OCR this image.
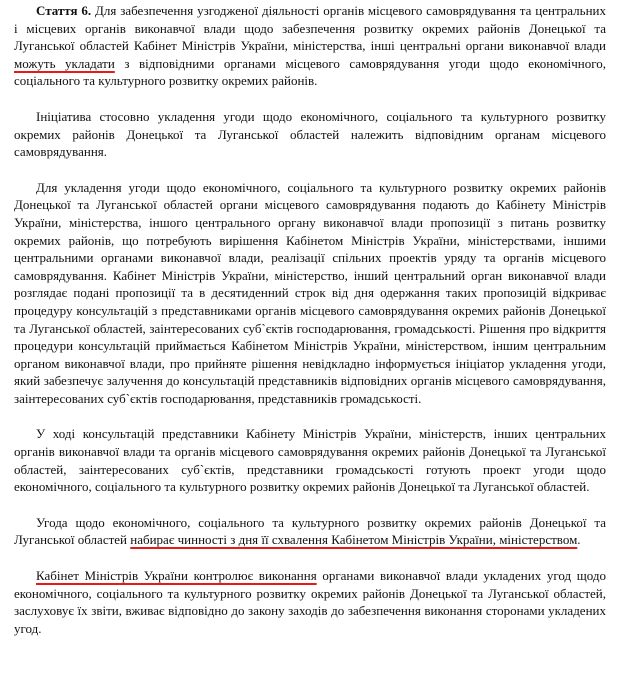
Стаття 6. Для забезпечення узгодженої діяльності органів місцевого самоврядування та центральних і місцевих органів виконавчої влади щодо забезпечення розвитку окремих районів Донецької та Луганської областей Кабінет Міністрів України, міністерства, інші центральні органи виконавчої влади можуть укладати з відповідними органами місцевого самоврядування угоди щодо економічного, соціального та культурного розвитку окремих районів.

Ініціатива стосовно укладення угоди щодо економічного, соціального та культурного розвитку окремих районів Донецької та Луганської областей належить відповідним органам місцевого самоврядування.

Для укладення угоди щодо економічного, соціального та культурного розвитку окремих районів Донецької та Луганської областей органи місцевого самоврядування подають до Кабінету Міністрів України, міністерства, іншого центрального органу виконавчої влади пропозиції з питань розвитку окремих районів, що потребують вирішення Кабінетом Міністрів України, міністерствами, іншими центральними органами виконавчої влади, реалізації спільних проектів уряду та органів місцевого самоврядування. Кабінет Міністрів України, міністерство, інший центральний орган виконавчої влади розглядає подані пропозиції та в десятиденний строк від дня одержання таких пропозицій відкриває процедуру консультацій з представниками органів місцевого самоврядування окремих районів Донецької та Луганської областей, заінтересованих суб`єктів господарювання, громадськості. Рішення про відкриття процедури консультацій приймається Кабінетом Міністрів України, міністерством, іншим центральним органом виконавчої влади, про прийняте рішення невідкладно інформується ініціатор укладення угоди, який забезпечує залучення до консультацій представників відповідних органів місцевого самоврядування, заінтересованих суб`єктів господарювання, представників громадськості.

У ході консультацій представники Кабінету Міністрів України, міністерств, інших центральних органів виконавчої влади та органів місцевого самоврядування окремих районів Донецької та Луганської областей, заінтересованих суб`єктів, представники громадськості готують проект угоди щодо економічного, соціального та культурного розвитку окремих районів Донецької та Луганської областей.

Угода щодо економічного, соціального та культурного розвитку окремих районів Донецької та Луганської областей набирає чинності з дня її схвалення Кабінетом Міністрів України, міністерством.

Кабінет Міністрів України контролює виконання органами виконавчої влади укладених угод щодо економічного, соціального та культурного розвитку окремих районів Донецької та Луганської областей, заслуховує їх звіти, вживає відповідно до закону заходів до забезпечення виконання сторонами укладених угод.
